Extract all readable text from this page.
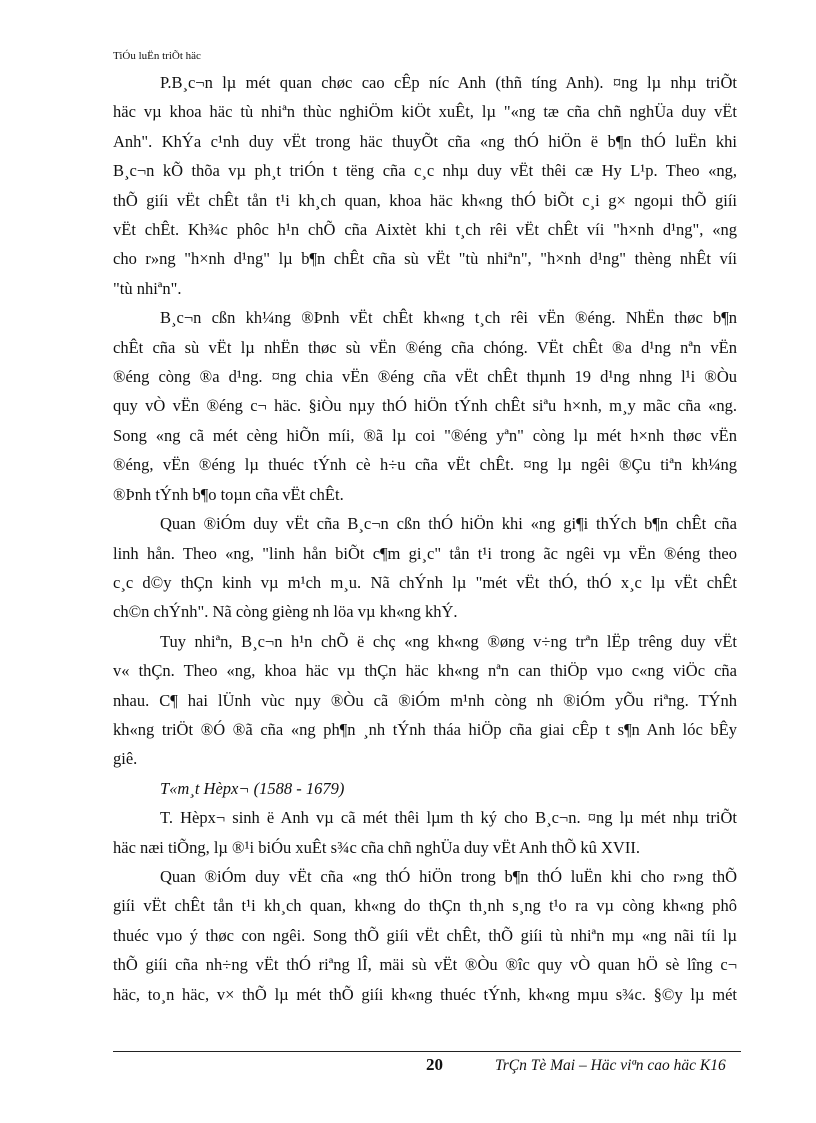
TiÓu luËn triÕt häc

P.B¸c¬n lµ mét quan chøc cao cÊp níc Anh (thñ tíng Anh). ¤ng lµ nhµ triÕt
häc vµ khoa häc tù nhiªn thùc nghiÖm kiÖt xuÊt, lµ "«ng tæ cña chñ nghÜa duy vËt
Anh". KhÝa c¹nh duy vËt trong häc thuyÕt cña «ng thÓ hiÖn ë b¶n thÓ luËn khi
B¸c¬n kÕ thõa vµ ph¸t triÓn t tëng cña c¸c nhµ duy vËt thêi cæ Hy L¹p. Theo «ng,
thÕ giíi vËt chÊt tån t¹i kh¸ch quan, khoa häc kh«ng thÓ biÕt c¸i g× ngoµi thÕ giíi
vËt chÊt. Kh¾c phôc h¹n chÕ cña Aixtèt khi t¸ch rêi vËt chÊt víi "h×nh d¹ng", «ng
cho r»ng "h×nh d¹ng" lµ b¶n chÊt cña sù vËt "tù nhiªn", "h×nh d¹ng" thèng nhÊt víi
"tù nhiªn".

B¸c¬n cßn kh¼ng ®Þnh vËt chÊt kh«ng t¸ch rêi vËn ®éng. NhËn thøc b¶n
chÊt cña sù vËt lµ nhËn thøc sù vËn ®éng cña chóng. VËt chÊt ®a d¹ng nªn vËn
®éng còng ®a d¹ng. ¤ng chia vËn ®éng cña vËt chÊt thµnh 19 d¹ng nhng l¹i ®Òu
quy vÒ vËn ®éng c¬ häc. §iÒu nµy thÓ hiÖn tÝnh chÊt siªu h×nh, m¸y mãc cña «ng.
Song «ng cã mét cèng hiÕn míi, ®ã lµ coi "®éng yªn" còng lµ mét h×nh thøc vËn
®éng, vËn ®éng lµ thuéc tÝnh cè h÷u cña vËt chÊt. ¤ng lµ ngêi ®Çu tiªn kh¼ng
®Þnh tÝnh b¶o toµn cña vËt chÊt.

Quan ®iÓm duy vËt cña B¸c¬n cßn thÓ hiÖn khi «ng gi¶i thÝch b¶n chÊt cña
linh hån. Theo «ng, "linh hån biÕt c¶m gi¸c" tån t¹i trong ãc ngêi vµ vËn ®éng theo
c¸c d©y thÇn kinh vµ m¹ch m¸u. Nã chÝnh lµ "mét vËt thÓ, thÓ x¸c lµ vËt chÊt
ch©n chÝnh". Nã còng gièng nh löa vµ kh«ng khÝ.

Tuy nhiªn, B¸c¬n h¹n chÕ ë chç «ng kh«ng ®øng v÷ng trªn lËp trêng duy vËt
v« thÇn. Theo «ng, khoa häc vµ thÇn häc kh«ng nªn can thiÖp vµo c«ng viÖc cña
nhau. C¶ hai lÜnh vùc nµy ®Òu cã ®iÓm m¹nh còng nh ®iÓm yÕu riªng. TÝnh
kh«ng triÖt ®Ó ®ã cña «ng ph¶n ¸nh tÝnh tháa hiÖp cña giai cÊp t s¶n Anh lóc bÊy
giê.

T«m¸t Hèpx¬ (1588 - 1679)

T. Hèpx¬ sinh ë Anh vµ cã mét thêi lµm th ký cho B¸c¬n. ¤ng lµ mét nhµ triÕt
häc næi tiÕng, lµ ®¹i biÓu xuÊt s¾c cña chñ nghÜa duy vËt Anh thÕ kû XVII.

Quan ®iÓm duy vËt cña «ng thÓ hiÖn trong b¶n thÓ luËn khi cho r»ng thÕ
giíi vËt chÊt tån t¹i kh¸ch quan, kh«ng do thÇn th¸nh s¸ng t¹o ra vµ còng kh«ng phô
thuéc vµo ý thøc con ngêi. Song thÕ giíi vËt chÊt, thÕ giíi tù nhiªn mµ «ng nãi tíi lµ
thÕ giíi cña nh÷ng vËt thÓ riªng lÎ, mäi sù vËt ®Òu ®îc quy vÒ quan hÖ sè lîng c¬
häc, to¸n häc, v× thÕ lµ mét thÕ giíi kh«ng thuéc tÝnh, kh«ng mµu s¾c. §©y lµ mét

20	TrÇn Tè Mai – Häc viªn cao häc K16
